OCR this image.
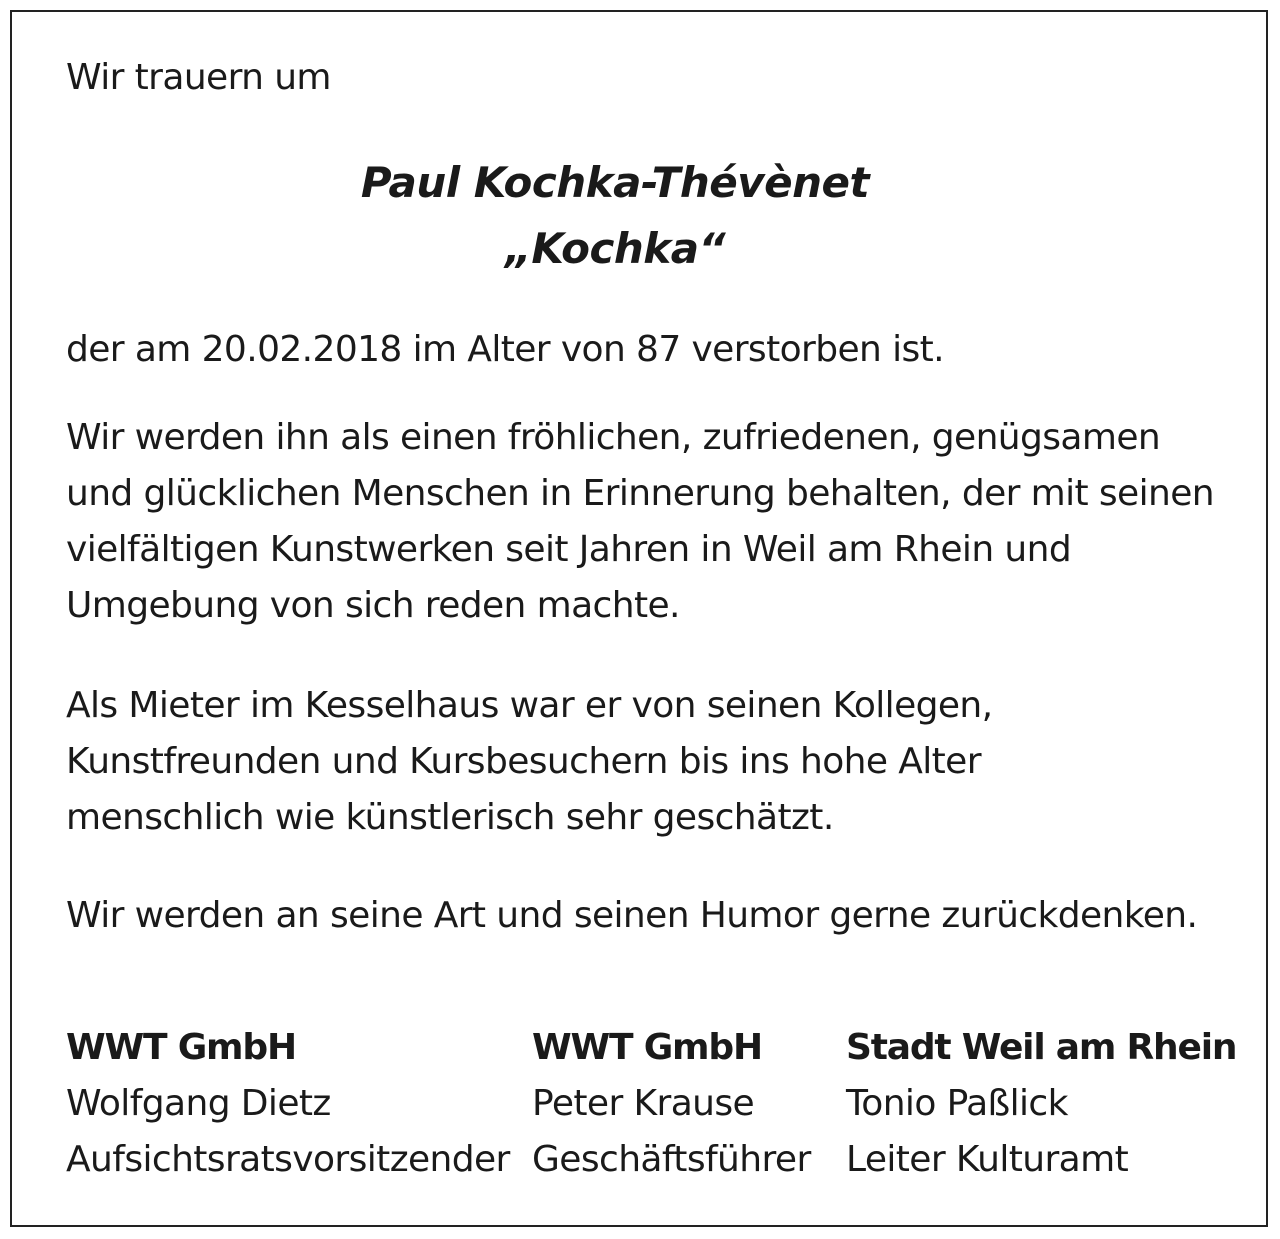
Wir trauern um
Paul Kochka-Thévènet
„Kochka“
der am 20.02.2018 im Alter von 87 verstorben ist.
Wir werden ihn als einen fröhlichen, zufriedenen, genügsamen
und glücklichen Menschen in Erinnerung behalten, der mit seinen
vielfältigen Kunstwerken seit Jahren in Weil am Rhein und
Umgebung von sich reden machte.
Als Mieter im Kesselhaus war er von seinen Kollegen,
Kunstfreunden und Kursbesuchern bis ins hohe Alter
menschlich wie künstlerisch sehr geschätzt.
Wir werden an seine Art und seinen Humor gerne zurückdenken.
WWT GmbH
Wolfgang Dietz
Aufsichtsratsvorsitzender
WWT GmbH
Peter Krause
Geschäftsführer
Stadt Weil am Rhein
Tonio Paßlick
Leiter Kulturamt
